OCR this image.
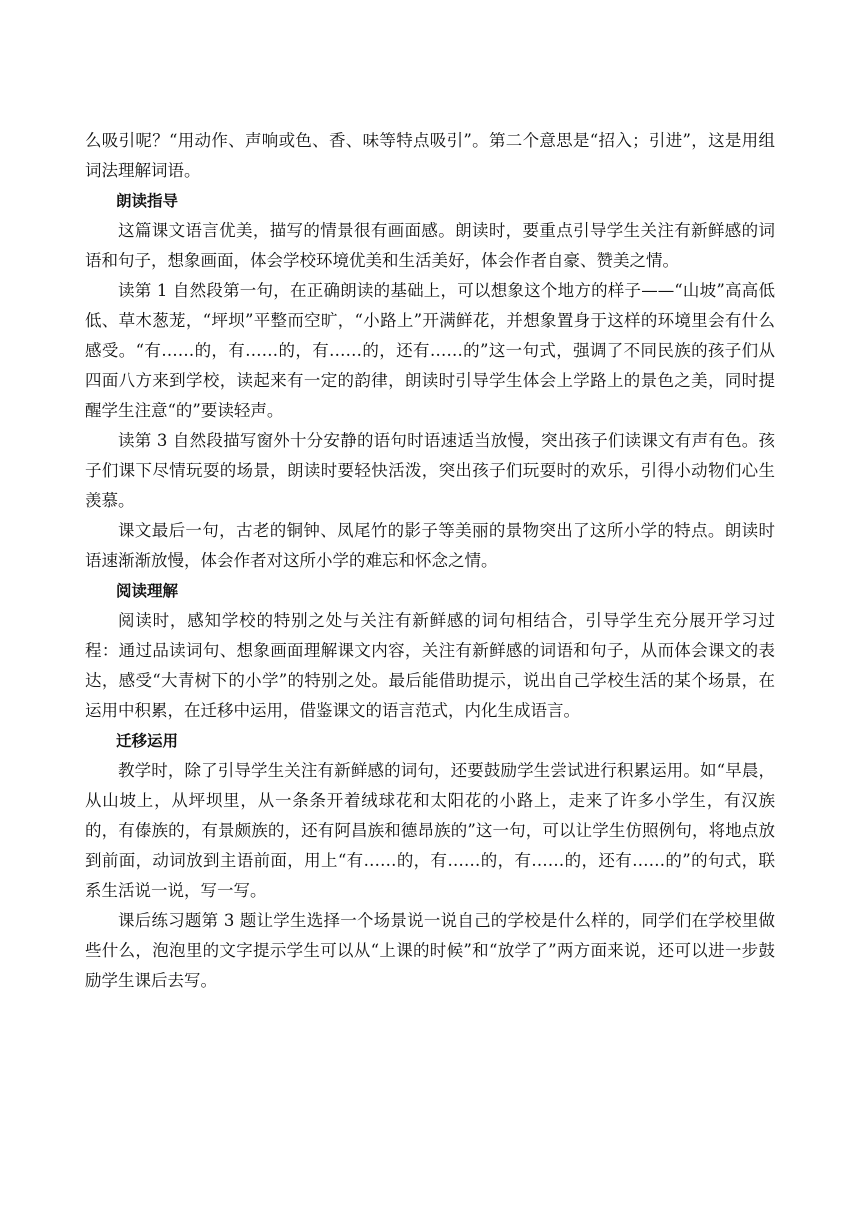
么吸引呢？“用动作、声响或色、香、味等特点吸引”。第二个意思是“招入；引进”，这是用组词法理解词语。

朗读指导

这篇课文语言优美，描写的情景很有画面感。朗读时，要重点引导学生关注有新鲜感的词语和句子，想象画面，体会学校环境优美和生活美好，体会作者自豪、赞美之情。

读第 1 自然段第一句，在正确朗读的基础上，可以想象这个地方的样子——“山坡”高高低低、草木葱茏，“坪坝”平整而空旷，“小路上”开满鲜花，并想象置身于这样的环境里会有什么感受。“有……的，有……的，有……的，还有……的”这一句式，强调了不同民族的孩子们从四面八方来到学校，读起来有一定的韵律，朗读时引导学生体会上学路上的景色之美，同时提醒学生注意“的”要读轻声。

读第 3 自然段描写窗外十分安静的语句时语速适当放慢，突出孩子们读课文有声有色。孩子们课下尽情玩耍的场景，朗读时要轻快活泼，突出孩子们玩耍时的欢乐，引得小动物们心生羡慕。

课文最后一句，古老的铜钟、凤尾竹的影子等美丽的景物突出了这所小学的特点。朗读时语速渐渐放慢，体会作者对这所小学的难忘和怀念之情。

阅读理解

阅读时，感知学校的特别之处与关注有新鲜感的词句相结合，引导学生充分展开学习过程：通过品读词句、想象画面理解课文内容，关注有新鲜感的词语和句子，从而体会课文的表达，感受“大青树下的小学”的特别之处。最后能借助提示，说出自己学校生活的某个场景，在运用中积累，在迁移中运用，借鉴课文的语言范式，内化生成语言。

迁移运用

教学时，除了引导学生关注有新鲜感的词句，还要鼓励学生尝试进行积累运用。如“早晨，从山坡上，从坪坝里，从一条条开着绒球花和太阳花的小路上，走来了许多小学生，有汉族的，有傣族的，有景颇族的，还有阿昌族和德昂族的”这一句，可以让学生仿照例句，将地点放到前面，动词放到主语前面，用上“有……的，有……的，有……的，还有……的”的句式，联系生活说一说，写一写。

课后练习题第 3 题让学生选择一个场景说一说自己的学校是什么样的，同学们在学校里做些什么，泡泡里的文字提示学生可以从“上课的时候”和“放学了”两方面来说，还可以进一步鼓励学生课后去写。
